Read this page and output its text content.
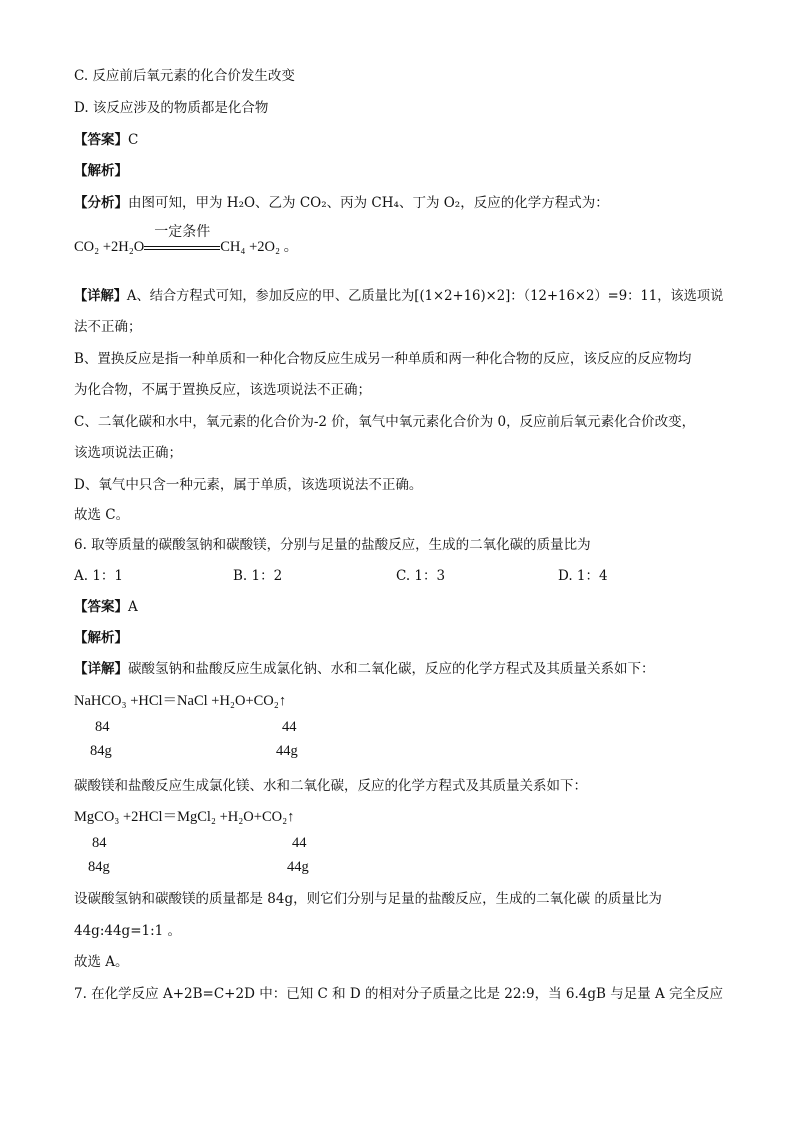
C. 反应前后氧元素的化合价发生改变
D. 该反应涉及的物质都是化合物
【答案】C
【解析】
【分析】由图可知，甲为 H₂O、乙为 CO₂、丙为 CH₄、丁为 O₂，反应的化学方程式为：
CO₂ +2H₂O
一定条件
CH₄ +2O₂ 。
【详解】A、结合方程式可知，参加反应的甲、乙质量比为[(1×2+16)×2]：（12+16×2）=9：11，该选项说
法不正确；
B、置换反应是指一种单质和一种化合物反应生成另一种单质和两一种化合物的反应，该反应的反应物均
为化合物，不属于置换反应，该选项说法不正确；
C、二氧化碳和水中，氧元素的化合价为-2 价，氧气中氧元素化合价为 0，反应前后氧元素化合价改变，
该选项说法正确；
D、氧气中只含一种元素，属于单质，该选项说法不正确。
故选 C。
6. 取等质量的碳酸氢钠和碳酸镁，分别与足量的盐酸反应，生成的二氧化碳的质量比为
A. 1：1	B. 1：2	C. 1：3	D. 1：4
【答案】A
【解析】
【详解】碳酸氢钠和盐酸反应生成氯化钠、水和二氧化碳，反应的化学方程式及其质量关系如下：
NaHCO₃ +HCl＝NaCl +H₂O+CO₂↑
84	44
84g	44g
碳酸镁和盐酸反应生成氯化镁、水和二氧化碳，反应的化学方程式及其质量关系如下：
MgCO₃ +2HCl＝MgCl₂ +H₂O+CO₂↑
84	44
84g	44g
设碳酸氢钠和碳酸镁的质量都是 84g，则它们分别与足量的盐酸反应，生成的二氧化碳 的质量比为
44g:44g=1:1 。
故选 A。
7. 在化学反应 A+2B=C+2D 中：已知 C 和 D 的相对分子质量之比是 22:9，当 6.4gB 与足量 A 完全反应
